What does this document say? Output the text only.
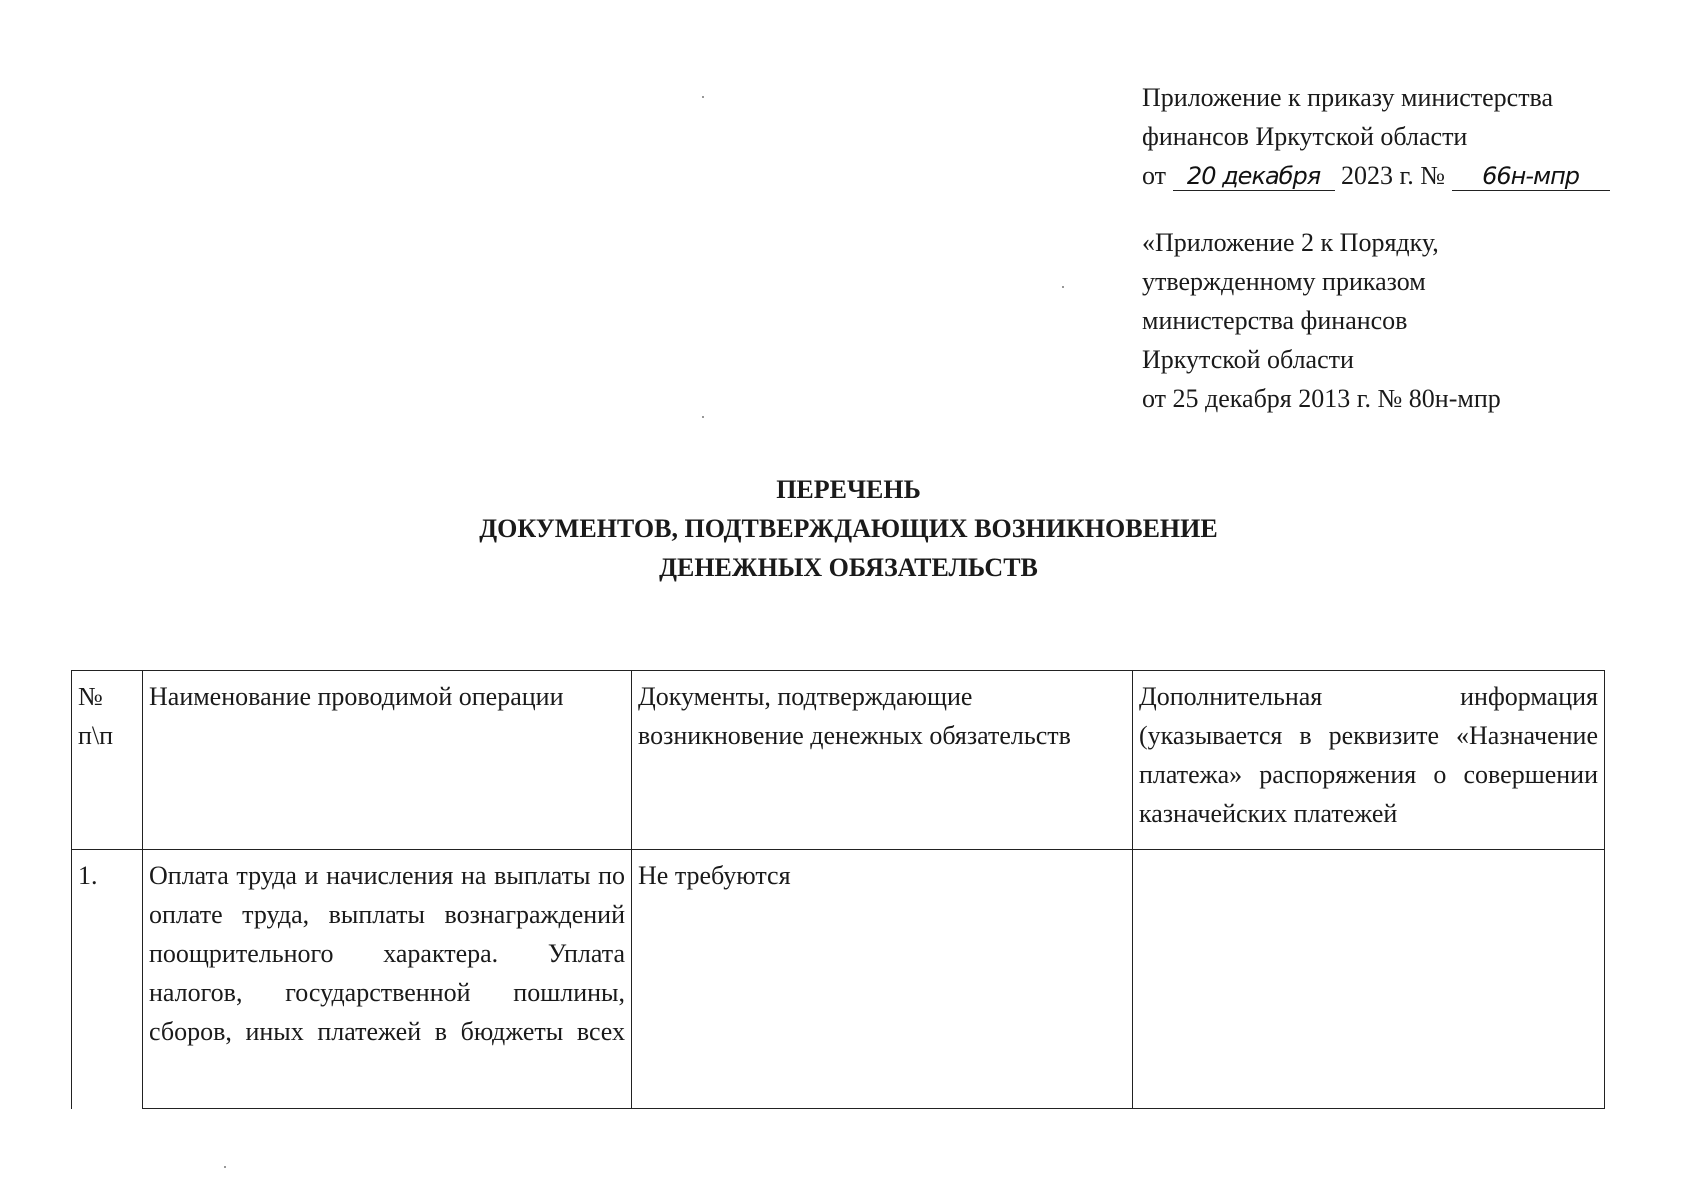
Приложение к приказу министерства
финансов Иркутской области
от 20 декабря 2023 г. № 66н-мпр
«Приложение 2 к Порядку,
утвержденному приказом
министерства финансов
Иркутской области
от 25 декабря 2013 г. № 80н-мпр
ПЕРЕЧЕНЬ
ДОКУМЕНТОВ, ПОДТВЕРЖДАЮЩИХ ВОЗНИКНОВЕНИЕ
ДЕНЕЖНЫХ ОБЯЗАТЕЛЬСТВ
№ п\п	Наименование проводимой операции	Документы, подтверждающие возникновение денежных обязательств	Дополнительная информация (указывается в реквизите «Назначение платежа» распоряжения о совершении казначейских платежей
1.	Оплата труда и начисления на выплаты по оплате труда, выплаты вознаграждений поощрительного характера. Уплата налогов, государственной пошлины, сборов, иных платежей в бюджеты всех	Не требуются	
